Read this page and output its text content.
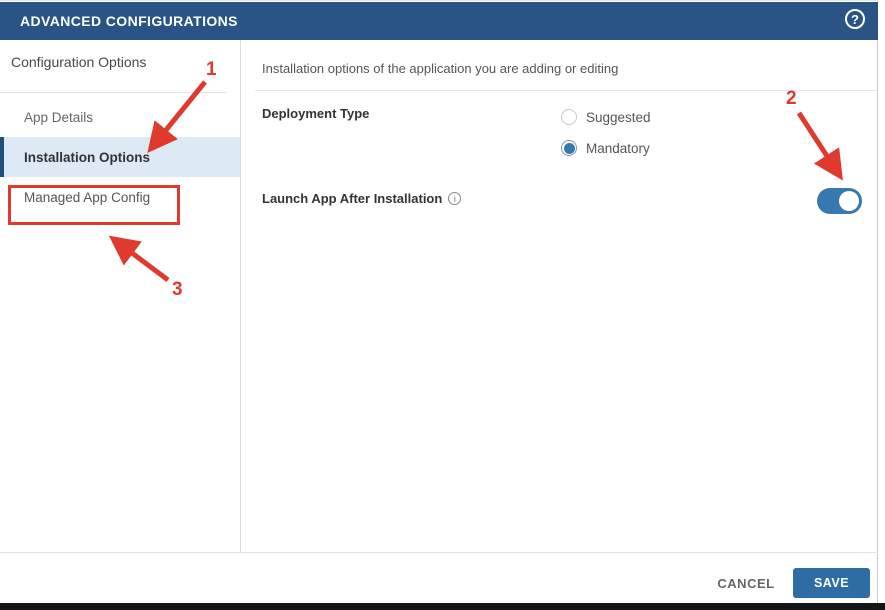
ADVANCED CONFIGURATIONS	?
Configuration Options
App Details
Installation Options
Managed App Config
Installation options of the application you are adding or editing
Deployment Type	Suggested
Mandatory
Launch App After Installation i
CANCEL	SAVE
1
2
3
